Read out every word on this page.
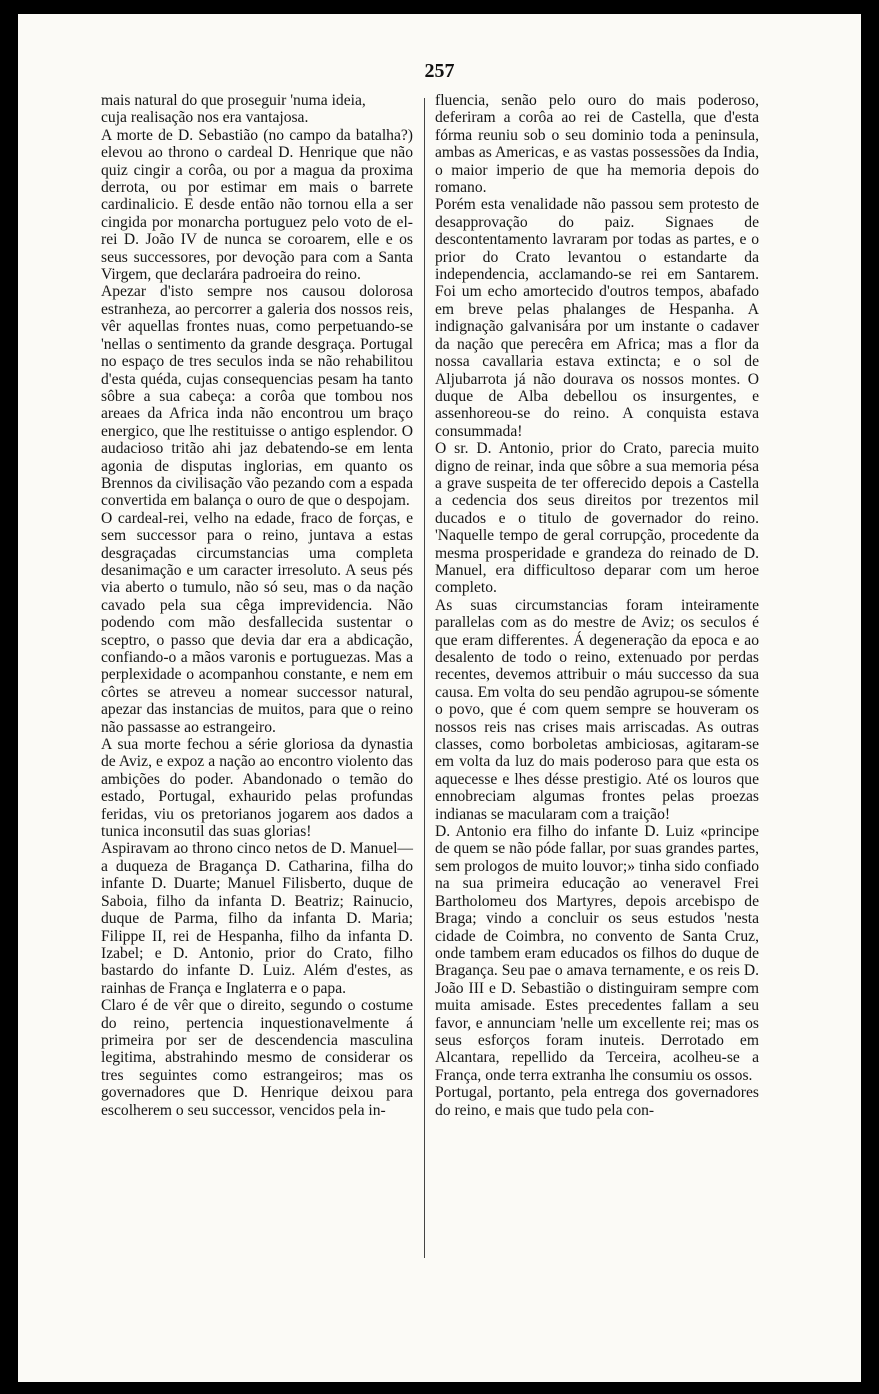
257

mais natural do que proseguir 'numa ideia,
cuja realisação nos era vantajosa.

A morte de D. Sebastião (no campo da batalha?) elevou ao throno o cardeal D. Henrique que não quiz cingir a corôa, ou por a magua da proxima derrota, ou por estimar em mais o barrete cardinalicio. E desde então não tornou ella a ser cingida por monarcha portuguez pelo voto de el-rei D. João IV de nunca se coroarem, elle e os seus successores, por devoção para com a Santa Virgem, que declarára padroeira do reino.

Apezar d'isto sempre nos causou dolorosa estranheza, ao percorrer a galeria dos nossos reis, vêr aquellas frontes nuas, como perpetuando-se 'nellas o sentimento da grande desgraça. Portugal no espaço de tres seculos inda se não rehabilitou d'esta quéda, cujas consequencias pesam ha tanto sôbre a sua cabeça: a corôa que tombou nos areaes da Africa inda não encontrou um braço energico, que lhe restituisse o antigo esplendor. O audacioso tritão ahi jaz debatendo-se em lenta agonia de disputas inglorias, em quanto os Brennos da civilisação vão pezando com a espada convertida em balança o ouro de que o despojam.

O cardeal-rei, velho na edade, fraco de forças, e sem successor para o reino, juntava a estas desgraçadas circumstancias uma completa desanimação e um caracter irresoluto. A seus pés via aberto o tumulo, não só seu, mas o da nação cavado pela sua cêga imprevidencia. Não podendo com mão desfallecida sustentar o sceptro, o passo que devia dar era a abdicação, confiando-o a mãos varonis e portuguezas. Mas a perplexidade o acompanhou constante, e nem em côrtes se atreveu a nomear successor natural, apezar das instancias de muitos, para que o reino não passasse ao estrangeiro.

A sua morte fechou a série gloriosa da dynastia de Aviz, e expoz a nação ao encontro violento das ambições do poder. Abandonado o temão do estado, Portugal, exhaurido pelas profundas feridas, viu os pretorianos jogarem aos dados a tunica inconsutil das suas glorias!

Aspiravam ao throno cinco netos de D. Manuel—a duqueza de Bragança D. Catharina, filha do infante D. Duarte; Manuel Filisberto, duque de Saboia, filho da infanta D. Beatriz; Rainucio, duque de Parma, filho da infanta D. Maria; Filippe II, rei de Hespanha, filho da infanta D. Izabel; e D. Antonio, prior do Crato, filho bastardo do infante D. Luiz. Além d'estes, as rainhas de França e Inglaterra e o papa.

Claro é de vêr que o direito, segundo o costume do reino, pertencia inquestionavelmente á primeira por ser de descendencia masculina legitima, abstrahindo mesmo de considerar os tres seguintes como estrangeiros; mas os governadores que D. Henrique deixou para escolherem o seu successor, vencidos pela in-

fluencia, senão pelo ouro do mais poderoso, deferiram a corôa ao rei de Castella, que d'esta fórma reuniu sob o seu dominio toda a peninsula, ambas as Americas, e as vastas possessões da India, o maior imperio de que ha memoria depois do romano.

Porém esta venalidade não passou sem protesto de desapprovação do paiz. Signaes de descontentamento lavraram por todas as partes, e o prior do Crato levantou o estandarte da independencia, acclamando-se rei em Santarem. Foi um echo amortecido d'outros tempos, abafado em breve pelas phalanges de Hespanha. A indignação galvanisára por um instante o cadaver da nação que perecêra em Africa; mas a flor da nossa cavallaria estava extincta; e o sol de Aljubarrota já não dourava os nossos montes. O duque de Alba debellou os insurgentes, e assenhoreou-se do reino. A conquista estava consummada!

O sr. D. Antonio, prior do Crato, parecia muito digno de reinar, inda que sôbre a sua memoria pésa a grave suspeita de ter offerecido depois a Castella a cedencia dos seus direitos por trezentos mil ducados e o titulo de governador do reino. 'Naquelle tempo de geral corrupção, procedente da mesma prosperidade e grandeza do reinado de D. Manuel, era difficultoso deparar com um heroe completo.

As suas circumstancias foram inteiramente parallelas com as do mestre de Aviz; os seculos é que eram differentes. Á degeneração da epoca e ao desalento de todo o reino, extenuado por perdas recentes, devemos attribuir o máu successo da sua causa. Em volta do seu pendão agrupou-se sómente o povo, que é com quem sempre se houveram os nossos reis nas crises mais arriscadas. As outras classes, como borboletas ambiciosas, agitaram-se em volta da luz do mais poderoso para que esta os aquecesse e lhes désse prestigio. Até os louros que ennobreciam algumas frontes pelas proezas indianas se macularam com a traição!

D. Antonio era filho do infante D. Luiz «principe de quem se não póde fallar, por suas grandes partes, sem prologos de muito louvor;» tinha sido confiado na sua primeira educação ao veneravel Frei Bartholomeu dos Martyres, depois arcebispo de Braga; vindo a concluir os seus estudos 'nesta cidade de Coimbra, no convento de Santa Cruz, onde tambem eram educados os filhos do duque de Bragança. Seu pae o amava ternamente, e os reis D. João III e D. Sebastião o distinguiram sempre com muita amisade. Estes precedentes fallam a seu favor, e annunciam 'nelle um excellente rei; mas os seus esforços foram inuteis. Derrotado em Alcantara, repellido da Terceira, acolheu-se a França, onde terra extranha lhe consumiu os ossos.

Portugal, portanto, pela entrega dos governadores do reino, e mais que tudo pela con-
